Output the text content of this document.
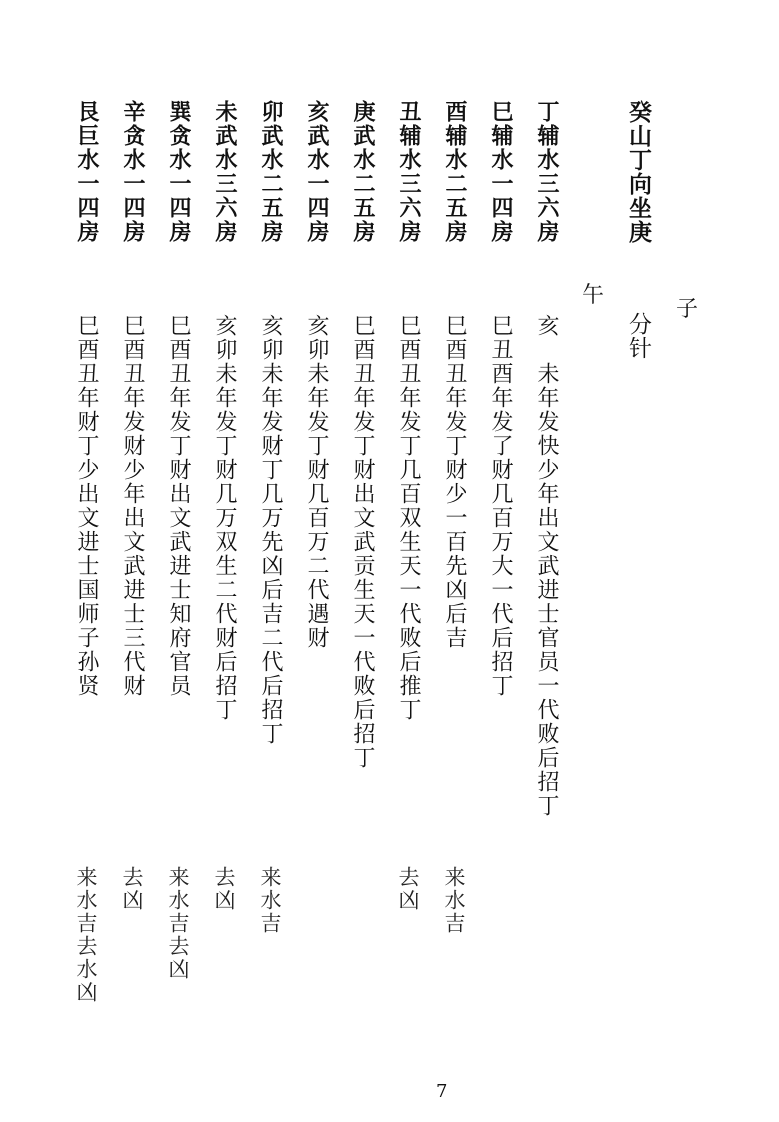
癸山丁向坐庚
子
分针
午
丁辅水三六房
亥　未年发快少年出文武进士官员一代败后招丁
巳辅水一四房
巳丑酉年发了财几百万大一代后招丁
酉辅水二五房
巳酉丑年发丁财少一百先凶后吉
来水吉
丑辅水三六房
巳酉丑年发丁几百双生天一代败后推丁
去凶
庚武水二五房
巳酉丑年发丁财出文武贡生天一代败后招丁
亥武水一四房
亥卯未年发丁财几百万二代遇财
卯武水二五房
亥卯未年发财丁几万先凶后吉二代后招丁
来水吉
未武水三六房
亥卯未年发丁财几万双生二代财后招丁
去凶
巽贪水一四房
巳酉丑年发丁财出文武进士知府官员
来水吉去凶
辛贪水一四房
巳酉丑年发财少年出文武进士三代财
去凶
艮巨水一四房
巳酉丑年财丁少出文进士国师子孙贤
来水吉去水凶
7
